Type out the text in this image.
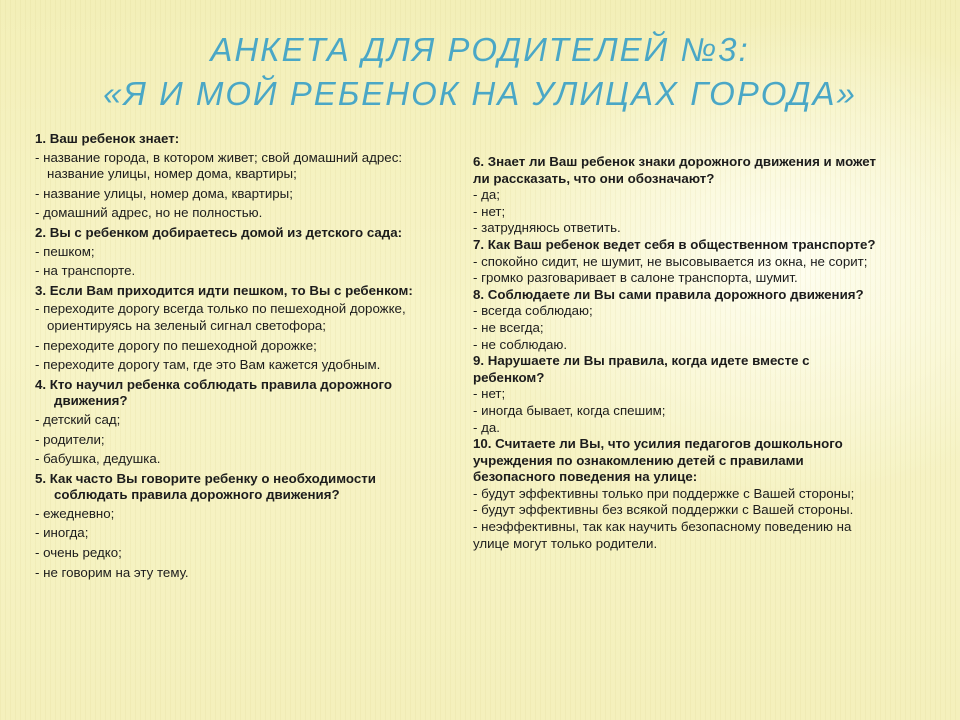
АНКЕТА ДЛЯ РОДИТЕЛЕЙ №3:
«Я И МОЙ РЕБЕНОК НА УЛИЦАХ ГОРОДА»
1. Ваш ребенок знает:
- название города, в котором живет; свой домашний адрес: название улицы, номер дома, квартиры;
- название улицы, номер дома, квартиры;
- домашний адрес, но не полностью.
2. Вы с ребенком добираетесь домой из детского сада:
- пешком;
- на транспорте.
3. Если Вам приходится идти пешком, то Вы с ребенком:
- переходите дорогу всегда только по пешеходной дорожке, ориентируясь на зеленый сигнал светофора;
- переходите дорогу по пешеходной дорожке;
- переходите дорогу там, где это Вам кажется удобным.
4. Кто научил ребенка соблюдать правила дорожного движения?
- детский сад;
- родители;
- бабушка, дедушка.
5. Как часто Вы говорите ребенку о необходимости соблюдать правила дорожного движения?
- ежедневно;
- иногда;
- очень редко;
- не говорим на эту тему.
6. Знает ли Ваш ребенок знаки дорожного движения и может ли рассказать, что они обозначают?
- да;
- нет;
- затрудняюсь ответить.
7. Как Ваш ребенок ведет себя в общественном транспорте?
- спокойно сидит, не шумит, не высовывается из окна, не сорит;
- громко разговаривает в салоне транспорта, шумит.
8. Соблюдаете ли Вы сами правила дорожного движения?
- всегда соблюдаю;
- не всегда;
- не соблюдаю.
9. Нарушаете ли Вы правила, когда идете вместе с ребенком?
- нет;
- иногда бывает, когда спешим;
- да.
10. Считаете ли Вы, что усилия педагогов дошкольного учреждения по ознакомлению детей с правилами безопасного поведения на улице:
- будут эффективны только при поддержке с Вашей стороны;
- будут эффективны без всякой поддержки с Вашей стороны.
- неэффективны, так как научить безопасному поведению на улице могут только родители.
